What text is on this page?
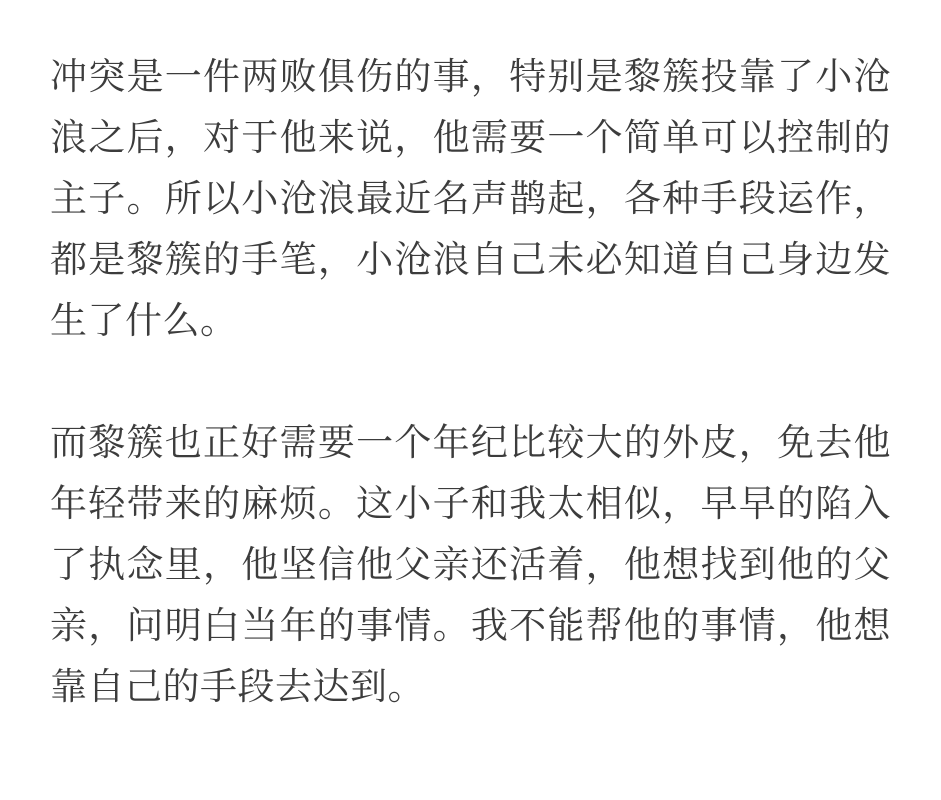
冲突是一件两败俱伤的事，特别是黎簇投靠了小沧浪之后，对于他来说，他需要一个简单可以控制的主子。所以小沧浪最近名声鹊起，各种手段运作，都是黎簇的手笔，小沧浪自己未必知道自己身边发生了什么。

而黎簇也正好需要一个年纪比较大的外皮，免去他年轻带来的麻烦。这小子和我太相似，早早的陷入了执念里，他坚信他父亲还活着，他想找到他的父亲，问明白当年的事情。我不能帮他的事情，他想靠自己的手段去达到。
